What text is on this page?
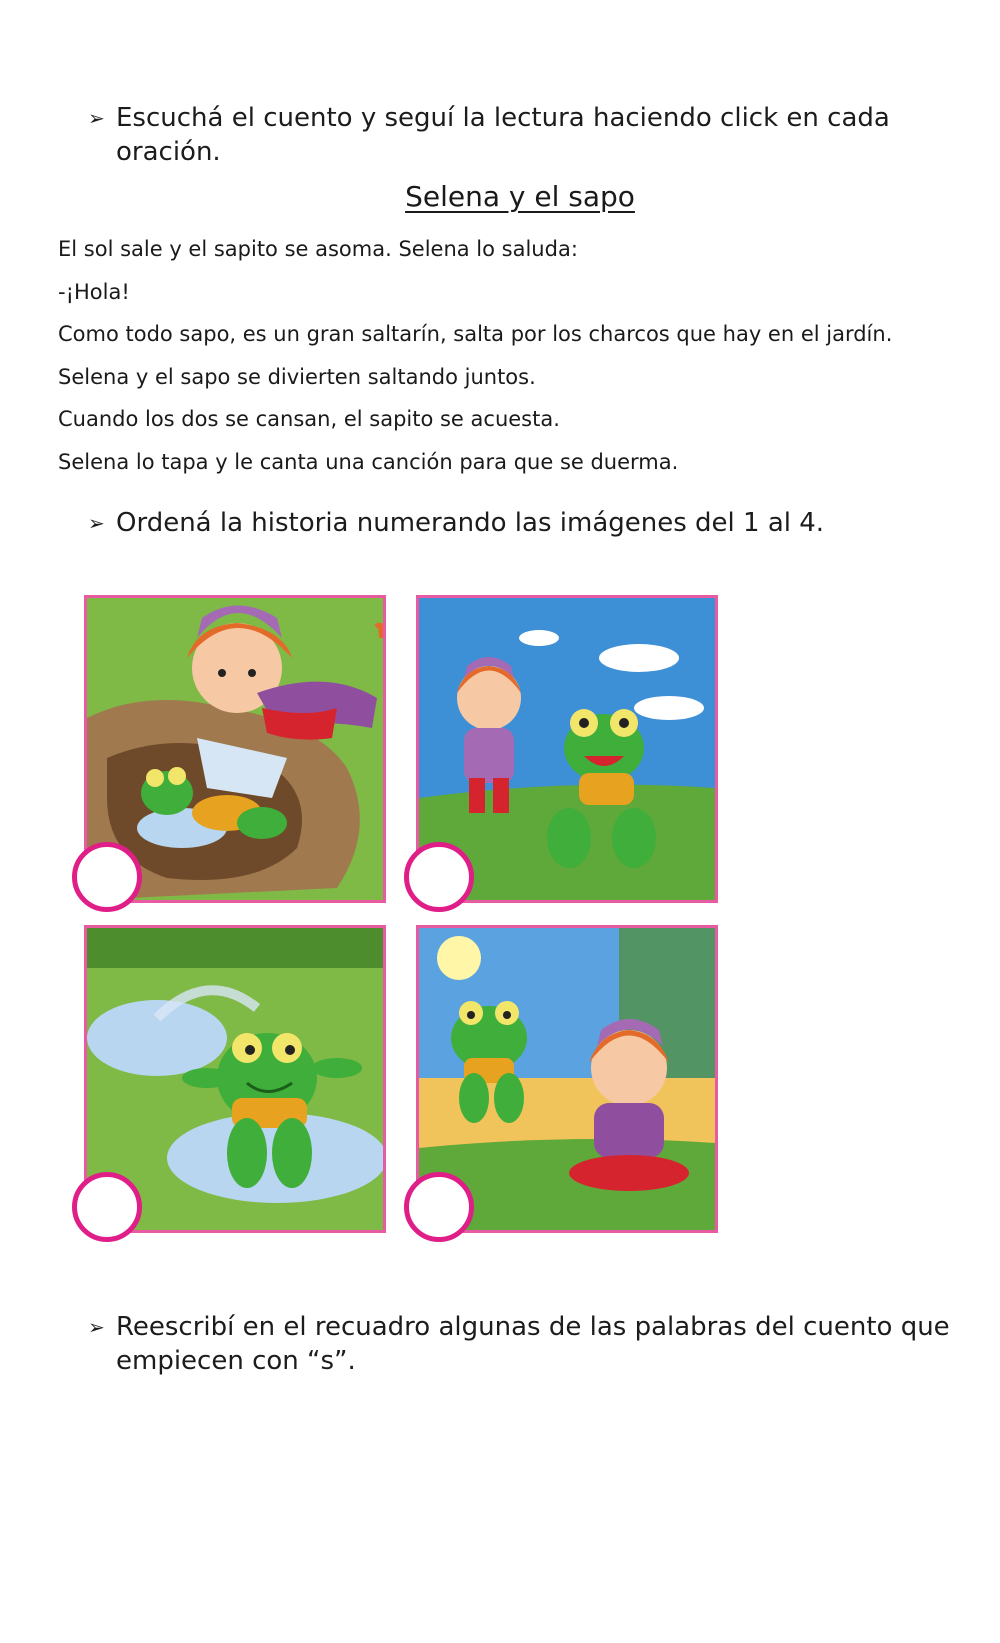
➢ Escuchá el cuento y seguí la lectura haciendo click en cada oración.
Selena y el sapo
El sol sale y el sapito se asoma. Selena lo saluda:
-¡Hola!
Como todo sapo, es un gran saltarín, salta por los charcos que hay en el jardín.
Selena y el sapo se divierten saltando juntos.
Cuando los dos se cansan, el sapito se acuesta.
Selena lo tapa y le canta una canción para que se duerma.
➢ Ordená la historia numerando las imágenes del 1 al 4.
➢ Reescribí en el recuadro algunas de las palabras del cuento que
empiecen con “s”.
